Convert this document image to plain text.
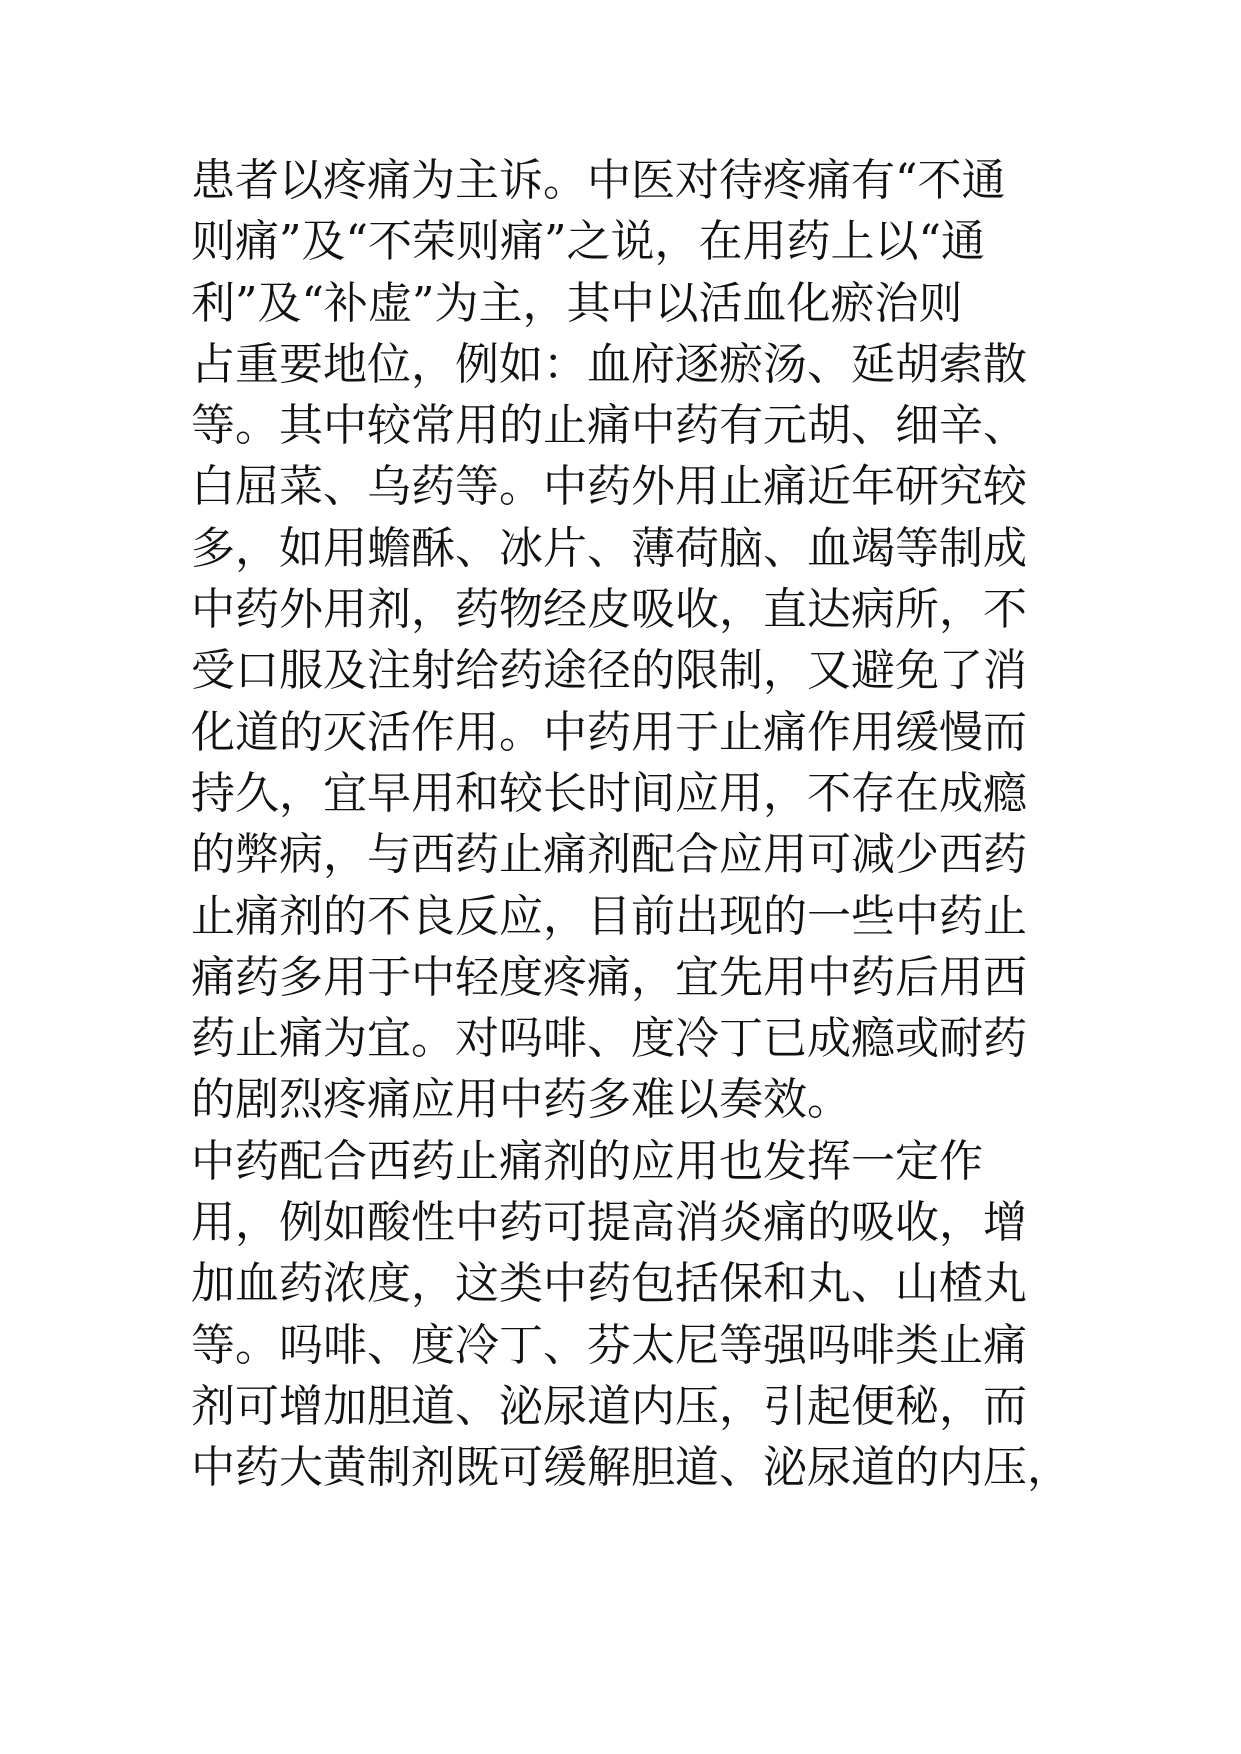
患者以疼痛为主诉。中医对待疼痛有“不通
则痛”及“不荣则痛”之说，在用药上以“通
利”及“补虚”为主，其中以活血化瘀治则
占重要地位，例如：血府逐瘀汤、延胡索散
等。其中较常用的止痛中药有元胡、细辛、
白屈菜、乌药等。中药外用止痛近年研究较
多，如用蟾酥、冰片、薄荷脑、血竭等制成
中药外用剂，药物经皮吸收，直达病所，不
受口服及注射给药途径的限制，又避免了消
化道的灭活作用。中药用于止痛作用缓慢而
持久，宜早用和较长时间应用，不存在成瘾
的弊病，与西药止痛剂配合应用可减少西药
止痛剂的不良反应，目前出现的一些中药止
痛药多用于中轻度疼痛，宜先用中药后用西
药止痛为宜。对吗啡、度冷丁已成瘾或耐药
的剧烈疼痛应用中药多难以奏效。
中药配合西药止痛剂的应用也发挥一定作
用，例如酸性中药可提高消炎痛的吸收，增
加血药浓度，这类中药包括保和丸、山楂丸
等。吗啡、度冷丁、芬太尼等强吗啡类止痛
剂可增加胆道、泌尿道内压，引起便秘，而
中药大黄制剂既可缓解胆道、泌尿道的内压，
